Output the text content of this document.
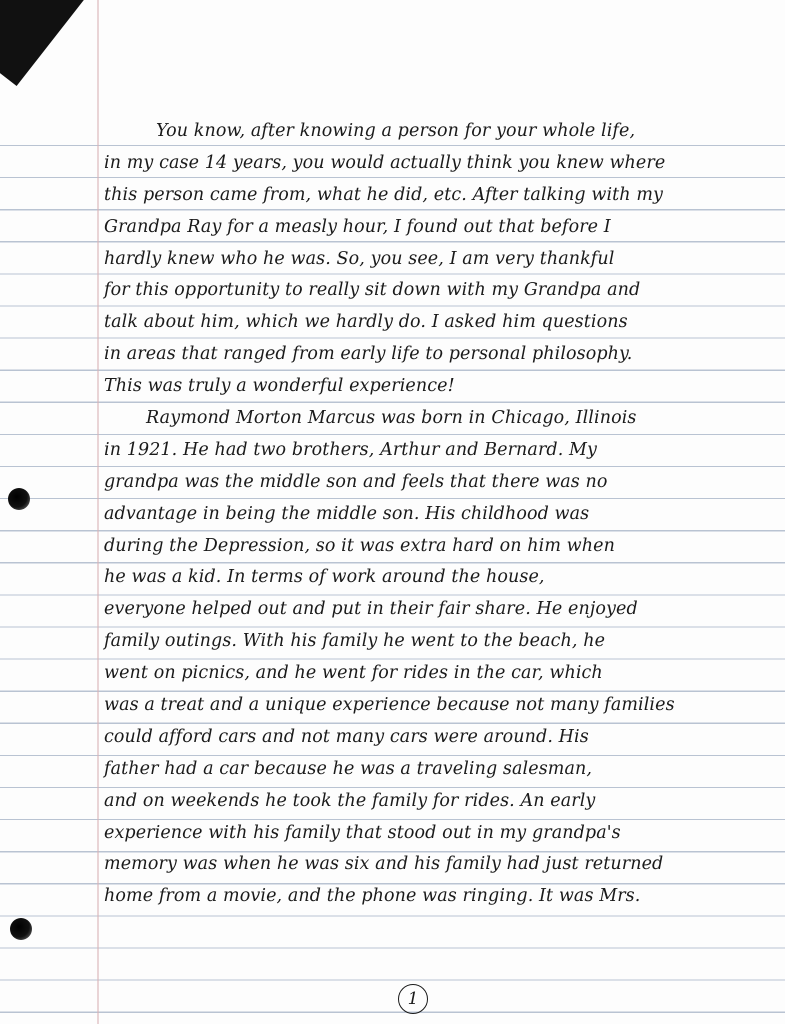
You know, after knowing a person for your whole life,
in my case 14 years, you would actually think you knew where
this person came from, what he did, etc. After talking with my
Grandpa Ray for a measly hour, I found out that before I
hardly knew who he was. So, you see, I am very thankful
for this opportunity to really sit down with my Grandpa and
talk about him, which we hardly do. I asked him questions
in areas that ranged from early life to personal philosophy.
This was truly a wonderful experience!
Raymond Morton Marcus was born in Chicago, Illinois
in 1921. He had two brothers, Arthur and Bernard. My
grandpa was the middle son and feels that there was no
advantage in being the middle son. His childhood was
during the Depression, so it was extra hard on him when
he was a kid. In terms of work around the house,
everyone helped out and put in their fair share. He enjoyed
family outings. With his family he went to the beach, he
went on picnics, and he went for rides in the car, which
was a treat and a unique experience because not many families
could afford cars and not many cars were around. His
father had a car because he was a traveling salesman,
and on weekends he took the family for rides. An early
experience with his family that stood out in my grandpa's
memory was when he was six and his family had just returned
home from a movie, and the phone was ringing. It was Mrs.
1
